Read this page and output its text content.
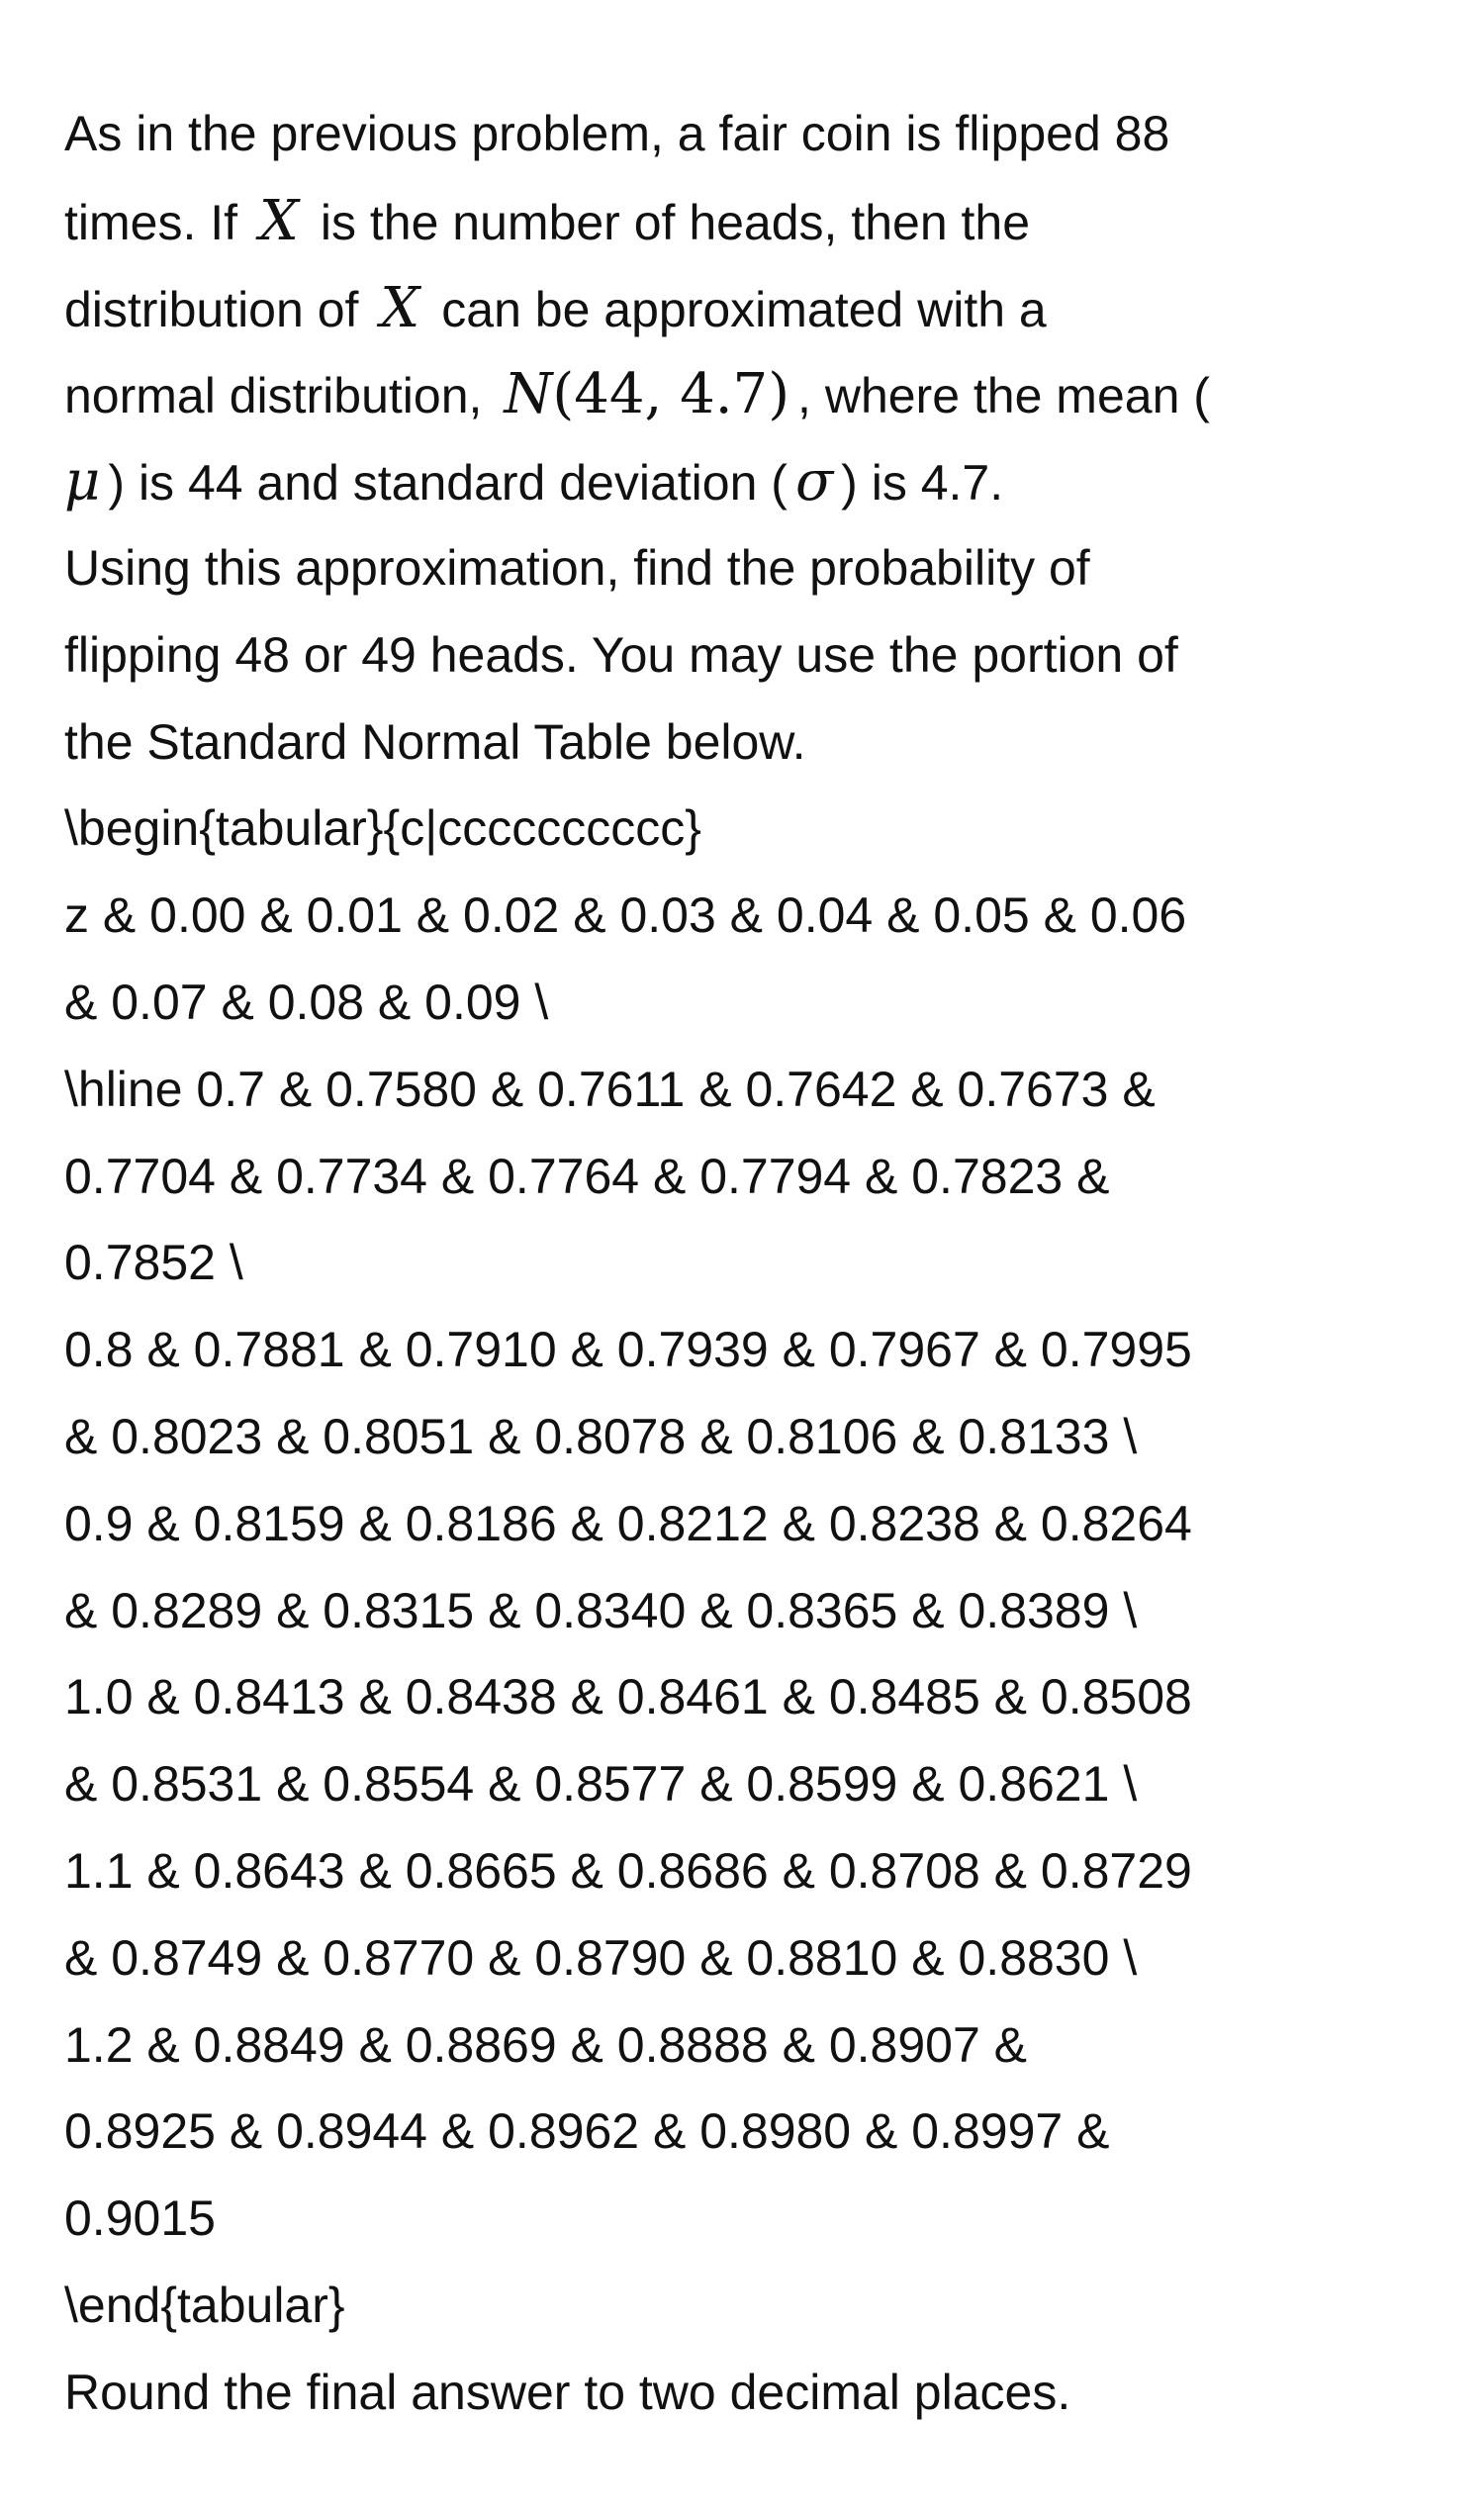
As in the previous problem, a fair coin is flipped 88
times. If X is the number of heads, then the
distribution of X can be approximated with a
normal distribution, N(44, 4.7) , where the mean (
μ ) is 44 and standard deviation ( σ ) is 4.7.
Using this approximation, find the probability of
flipping 48 or 49 heads. You may use the portion of
the Standard Normal Table below.
\begin{tabular}{c|cccccccccc}
z & 0.00 & 0.01 & 0.02 & 0.03 & 0.04 & 0.05 & 0.06
& 0.07 & 0.08 & 0.09 \
\hline 0.7 & 0.7580 & 0.7611 & 0.7642 & 0.7673 &
0.7704 & 0.7734 & 0.7764 & 0.7794 & 0.7823 &
0.7852 \
0.8 & 0.7881 & 0.7910 & 0.7939 & 0.7967 & 0.7995
& 0.8023 & 0.8051 & 0.8078 & 0.8106 & 0.8133 \
0.9 & 0.8159 & 0.8186 & 0.8212 & 0.8238 & 0.8264
& 0.8289 & 0.8315 & 0.8340 & 0.8365 & 0.8389 \
1.0 & 0.8413 & 0.8438 & 0.8461 & 0.8485 & 0.8508
& 0.8531 & 0.8554 & 0.8577 & 0.8599 & 0.8621 \
1.1 & 0.8643 & 0.8665 & 0.8686 & 0.8708 & 0.8729
& 0.8749 & 0.8770 & 0.8790 & 0.8810 & 0.8830 \
1.2 & 0.8849 & 0.8869 & 0.8888 & 0.8907 &
0.8925 & 0.8944 & 0.8962 & 0.8980 & 0.8997 &
0.9015
\end{tabular}
Round the final answer to two decimal places.
